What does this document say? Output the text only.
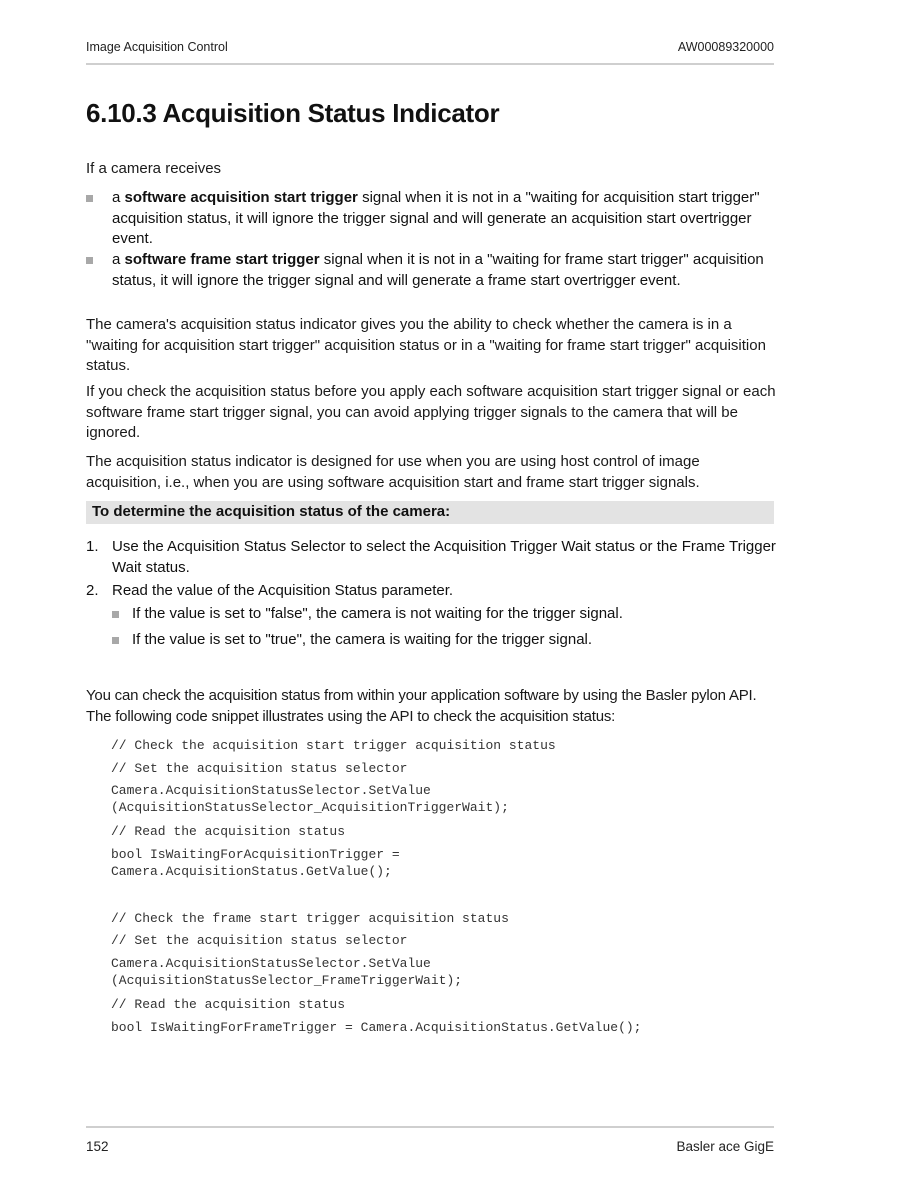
Image Acquisition Control	AW00089320000
6.10.3 Acquisition Status Indicator

If a camera receives

a software acquisition start trigger signal when it is not in a "waiting for acquisition start trigger" acquisition status, it will ignore the trigger signal and will generate an acquisition start overtrigger event.
a software frame start trigger signal when it is not in a "waiting for frame start trigger" acquisition status, it will ignore the trigger signal and will generate a frame start overtrigger event.

The camera's acquisition status indicator gives you the ability to check whether the camera is in a "waiting for acquisition start trigger" acquisition status or in a "waiting for frame start trigger" acquisition status.

If you check the acquisition status before you apply each software acquisition start trigger signal or each software frame start trigger signal, you can avoid applying trigger signals to the camera that will be ignored.

The acquisition status indicator is designed for use when you are using host control of image acquisition, i.e., when you are using software acquisition start and frame start trigger signals.

To determine the acquisition status of the camera:
1. Use the Acquisition Status Selector to select the Acquisition Trigger Wait status or the Frame Trigger Wait status.
2. Read the value of the Acquisition Status parameter.
If the value is set to "false", the camera is not waiting for the trigger signal.
If the value is set to "true", the camera is waiting for the trigger signal.

You can check the acquisition status from within your application software by using the Basler pylon API. The following code snippet illustrates using the API to check the acquisition status:

// Check the acquisition start trigger acquisition status
// Set the acquisition status selector
Camera.AcquisitionStatusSelector.SetValue
(AcquisitionStatusSelector_AcquisitionTriggerWait);
// Read the acquisition status
bool IsWaitingForAcquisitionTrigger =
Camera.AcquisitionStatus.GetValue();
// Check the frame start trigger acquisition status
// Set the acquisition status selector
Camera.AcquisitionStatusSelector.SetValue
(AcquisitionStatusSelector_FrameTriggerWait);
// Read the acquisition status
bool IsWaitingForFrameTrigger = Camera.AcquisitionStatus.GetValue();
152	Basler ace GigE
